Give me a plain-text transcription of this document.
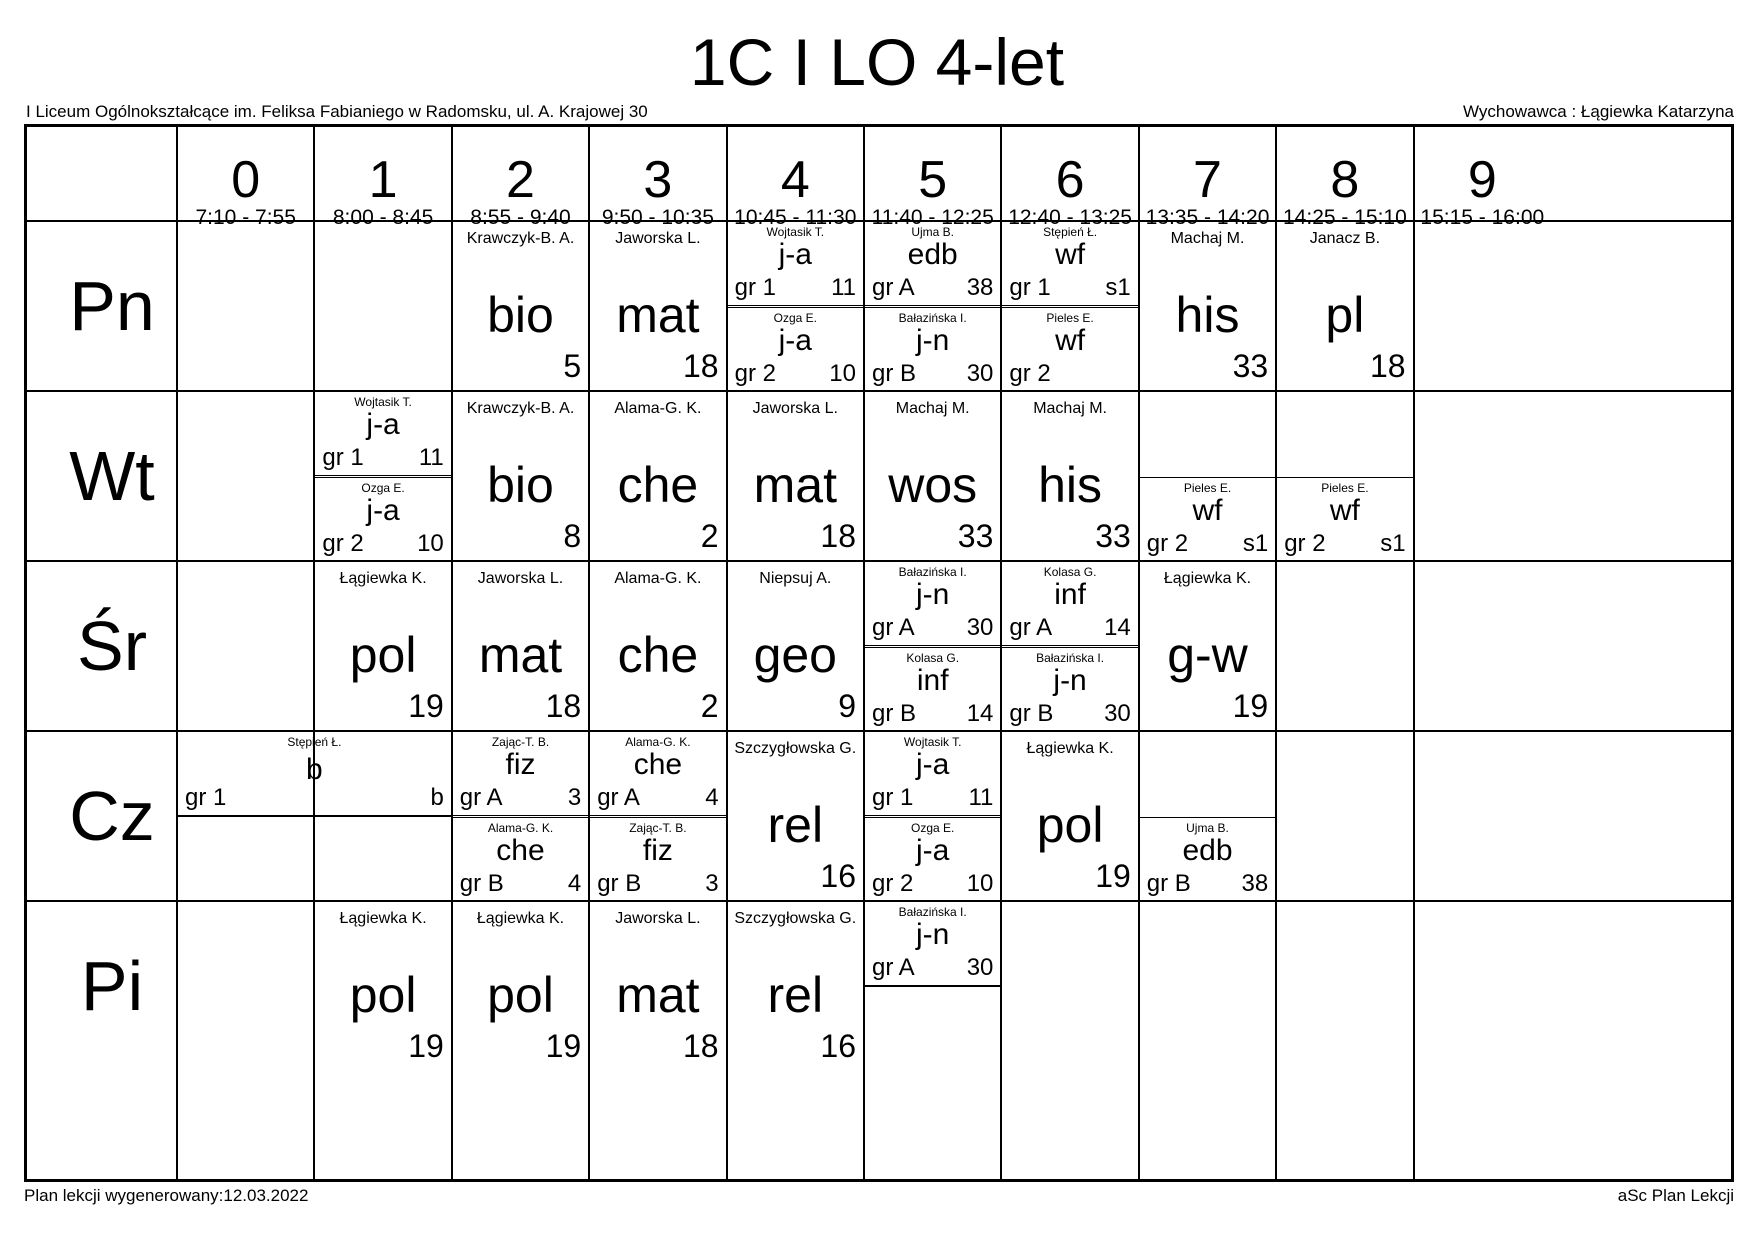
1C I LO 4-let
I Liceum Ogólnokształcące im. Feliksa Fabianiego w Radomsku, ul. A. Krajowej 30	Wychowawca : Łągiewka Katarzyna
0
7:10 - 7:55
1
8:00 - 8:45
2
8:55 - 9:40
3
9:50 - 10:35
4
10:45 - 11:30
5
11:40 - 12:25
6
12:40 - 13:25
7
13:35 - 14:20
8
14:25 - 15:10
9
15:15 - 16:00
Pn
Wt
Śr
Cz
Pi
Krawczyk-B. A.
bio
5
Jaworska L.
mat
18
Wojtasik T.
j-a
11
gr 1
Ozga E.
j-a
10
gr 2
Ujma B.
edb
38
gr A
Bałazińska I.
j-n
30
gr B
Stępień Ł.
wf
s1
gr 1
Pieles E.
wf
gr 2
Machaj M.
his
33
Janacz B.
pl
18
Wojtasik T.
j-a
11
gr 1
Ozga E.
j-a
10
gr 2
Krawczyk-B. A.
bio
8
Alama-G. K.
che
2
Jaworska L.
mat
18
Machaj M.
wos
33
Machaj M.
his
33
Pieles E.
wf
s1
gr 2
Pieles E.
wf
s1
gr 2
Łągiewka K.
pol
19
Jaworska L.
mat
18
Alama-G. K.
che
2
Niepsuj A.
geo
9
Bałazińska I.
j-n
30
gr A
Kolasa G.
inf
14
gr B
Kolasa G.
inf
14
gr A
Bałazińska I.
j-n
30
gr B
Łągiewka K.
g-w
19
Stępień Ł.
b
b
gr 1
Zając-T. B.
fiz
3
gr A
Alama-G. K.
che
4
gr B
Alama-G. K.
che
4
gr A
Zając-T. B.
fiz
3
gr B
Szczygłowska G.
rel
16
Wojtasik T.
j-a
11
gr 1
Ozga E.
j-a
10
gr 2
Łągiewka K.
pol
19
Ujma B.
edb
38
gr B
Łągiewka K.
pol
19
Łągiewka K.
pol
19
Jaworska L.
mat
18
Szczygłowska G.
rel
16
Bałazińska I.
j-n
30
gr A
Plan lekcji wygenerowany:12.03.2022	aSc Plan Lekcji
